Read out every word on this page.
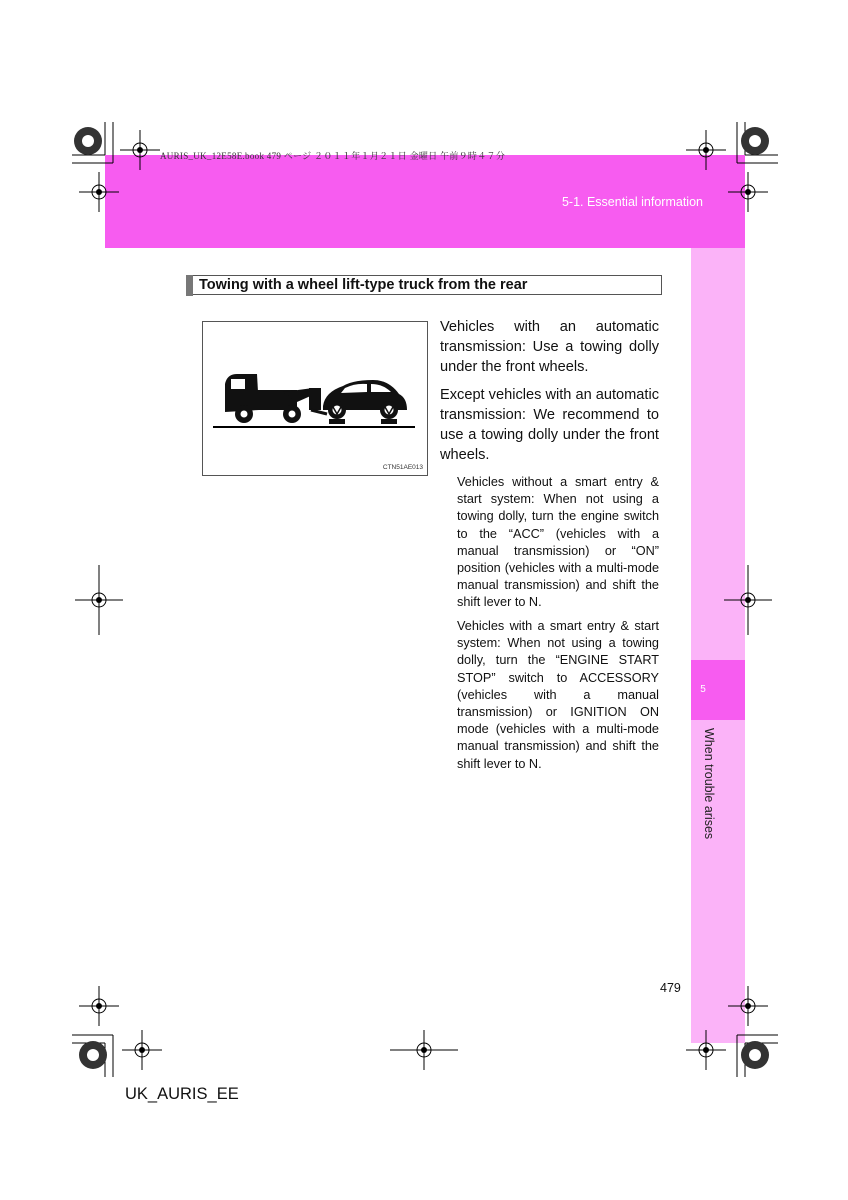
5
When trouble arises
AURIS_UK_12E58E.book 479 ページ ２０１１年１月２１日 金曜日 午前９時４７分
5-1. Essential information
Towing with a wheel lift-type truck from the rear
CTN51AE013
Vehicles with an automatic transmission: Use a towing dolly under the front wheels.
Except vehicles with an automatic transmission: We recommend to use a towing dolly under the front wheels.
Vehicles without a smart entry & start system: When not using a towing dolly, turn the engine switch to the “ACC” (vehicles with a manual transmission) or “ON” position (vehicles with a multi-mode manual transmission) and shift the shift lever to N.
Vehicles with a smart entry & start system: When not using a towing dolly, turn the “ENGINE START STOP” switch to ACCESSORY (vehicles with a manual transmission) or IGNITION ON mode (vehicles with a multi-mode manual transmission) and shift the shift lever to N.
479
UK_AURIS_EE
